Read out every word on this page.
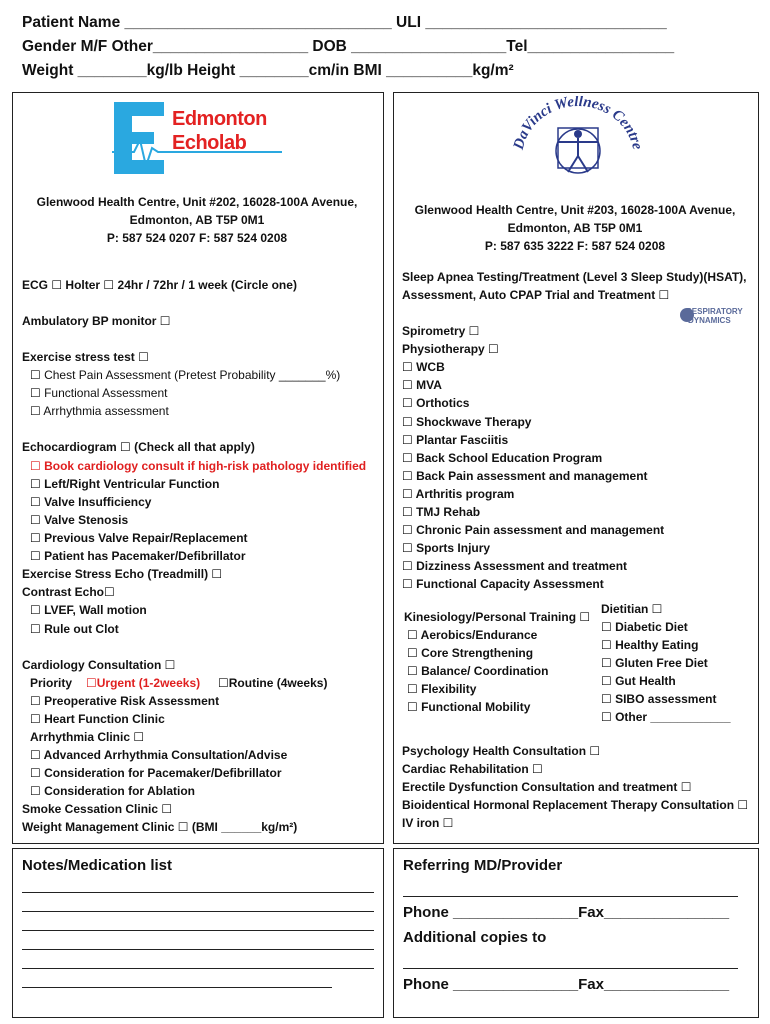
Patient Name _______________________________ ULI ____________________________
Gender M/F Other__________________ DOB __________________Tel_________________
Weight ________kg/lb Height ________cm/in BMI __________kg/m²
Edmonton
Echolab
Glenwood Health Centre, Unit #202, 16028-100A Avenue,
Edmonton, AB T5P 0M1
P: 587 524 0207 F: 587 524 0208
ECG ☐ Holter ☐ 24hr / 72hr / 1 week (Circle one)
Ambulatory BP monitor ☐
Exercise stress test ☐
☐ Chest Pain Assessment (Pretest Probability _______%)
☐ Functional Assessment
☐ Arrhythmia assessment
Echocardiogram ☐ (Check all that apply)
☐ Book cardiology consult if high-risk pathology identified
☐ Left/Right Ventricular Function
☐ Valve Insufficiency
☐ Valve Stenosis
☐ Previous Valve Repair/Replacement
☐ Patient has Pacemaker/Defibrillator
Exercise Stress Echo (Treadmill) ☐
Contrast Echo☐
☐ LVEF, Wall motion
☐ Rule out Clot
Cardiology Consultation ☐
Priority ☐Urgent (1-2weeks) ☐Routine (4weeks)
☐ Preoperative Risk Assessment
☐ Heart Function Clinic
Arrhythmia Clinic ☐
☐ Advanced Arrhythmia Consultation/Advise
☐ Consideration for Pacemaker/Defibrillator
☐ Consideration for Ablation
Smoke Cessation Clinic ☐
Weight Management Clinic ☐ (BMI ______kg/m²)
DaVinci Wellness Centre
Glenwood Health Centre, Unit #203, 16028-100A Avenue,
Edmonton, AB T5P 0M1
P: 587 635 3222 F: 587 524 0208
Sleep Apnea Testing/Treatment (Level 3 Sleep Study)(HSAT),
Assessment, Auto CPAP Trial and Treatment ☐
RESPIRATORY
DYNAMICS
Spirometry ☐
Physiotherapy ☐
☐ WCB
☐ MVA
☐ Orthotics
☐ Shockwave Therapy
☐ Plantar Fasciitis
☐ Back School Education Program
☐ Back Pain assessment and management
☐ Arthritis program
☐ TMJ Rehab
☐ Chronic Pain assessment and management
☐ Sports Injury
☐ Dizziness Assessment and treatment
☐ Functional Capacity Assessment
Kinesiology/Personal Training ☐
☐ Aerobics/Endurance
☐ Core Strengthening
☐ Balance/ Coordination
☐ Flexibility
☐ Functional Mobility
Dietitian ☐
☐ Diabetic Diet
☐ Healthy Eating
☐ Gluten Free Diet
☐ Gut Health
☐ SIBO assessment
☐ Other ____________
Psychology Health Consultation ☐
Cardiac Rehabilitation ☐
Erectile Dysfunction Consultation and treatment ☐
Bioidentical Hormonal Replacement Therapy Consultation ☐
IV iron ☐
Notes/Medication list	Referring MD/Provider
Phone _______________Fax_______________
Additional copies to
Phone _______________Fax_______________
